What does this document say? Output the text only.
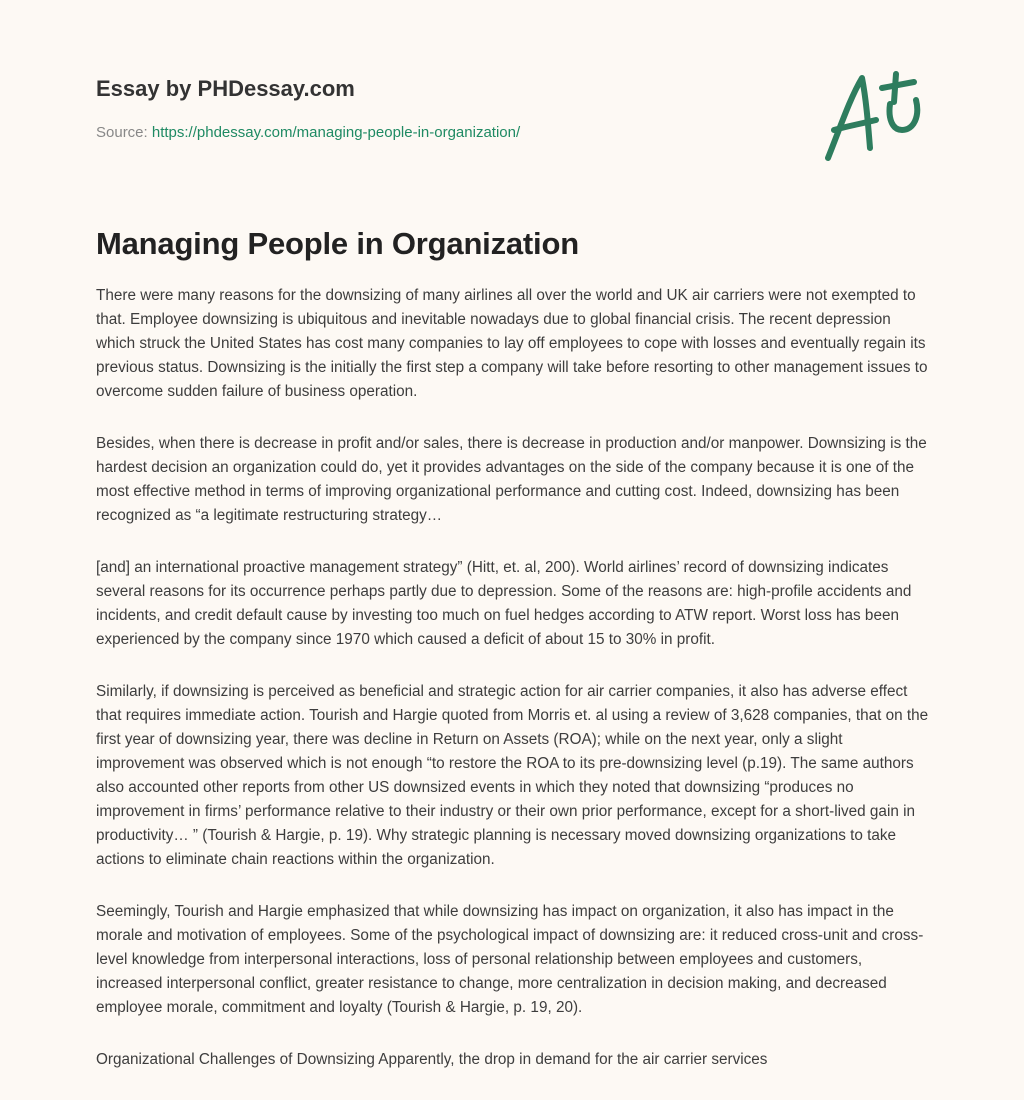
Essay by PHDessay.com

Source: https://phdessay.com/managing-people-in-organization/
Managing People in Organization

There were many reasons for the downsizing of many airlines all over the world and UK air carriers were not exempted to that. Employee downsizing is ubiquitous and inevitable nowadays due to global financial crisis. The recent depression which struck the United States has cost many companies to lay off employees to cope with losses and eventually regain its previous status. Downsizing is the initially the first step a company will take before resorting to other management issues to overcome sudden failure of business operation.

Besides, when there is decrease in profit and/or sales, there is decrease in production and/or manpower. Downsizing is the hardest decision an organization could do, yet it provides advantages on the side of the company because it is one of the most effective method in terms of improving organizational performance and cutting cost. Indeed, downsizing has been recognized as “a legitimate restructuring strategy…

[and] an international proactive management strategy” (Hitt, et. al, 200). World airlines’ record of downsizing indicates several reasons for its occurrence perhaps partly due to depression. Some of the reasons are: high-profile accidents and incidents, and credit default cause by investing too much on fuel hedges according to ATW report. Worst loss has been experienced by the company since 1970 which caused a deficit of about 15 to 30% in profit.

Similarly, if downsizing is perceived as beneficial and strategic action for air carrier companies, it also has adverse effect that requires immediate action. Tourish and Hargie quoted from Morris et. al using a review of 3,628 companies, that on the first year of downsizing year, there was decline in Return on Assets (ROA); while on the next year, only a slight improvement was observed which is not enough “to restore the ROA to its pre-downsizing level (p.19). The same authors also accounted other reports from other US downsized events in which they noted that downsizing “produces no improvement in firms’ performance relative to their industry or their own prior performance, except for a short-lived gain in productivity… ” (Tourish & Hargie, p. 19). Why strategic planning is necessary moved downsizing organizations to take actions to eliminate chain reactions within the organization.

Seemingly, Tourish and Hargie emphasized that while downsizing has impact on organization, it also has impact in the morale and motivation of employees. Some of the psychological impact of downsizing are: it reduced cross-unit and cross-level knowledge from interpersonal interactions, loss of personal relationship between employees and customers, increased interpersonal conflict, greater resistance to change, more centralization in decision making, and decreased employee morale, commitment and loyalty (Tourish & Hargie, p. 19, 20).

Organizational Challenges of Downsizing Apparently, the drop in demand for the air carrier services
